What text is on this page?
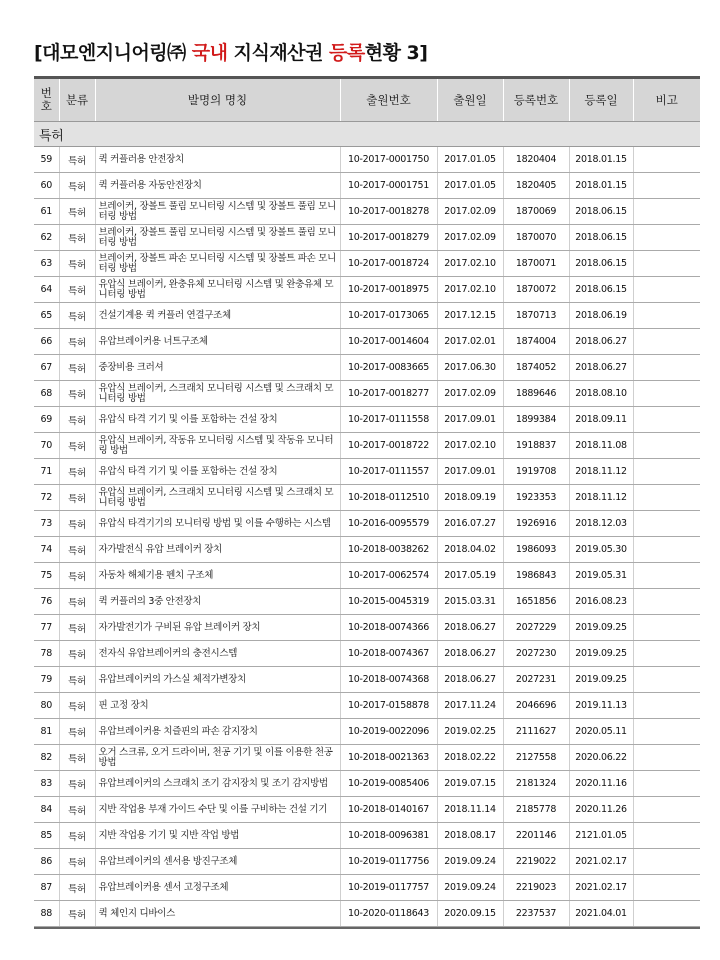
[대모엔지니어링㈜ 국내 지식재산권 등록현황 3]
번
호	분류	발명의 명칭	출원번호	출원일	등록번호	등록일	비고
특허							
59	특허	퀵 커플러용 안전장치	10-2017-0001750	2017.01.05	1820404	2018.01.15	
60	특허	퀵 커플러용 자동안전장치	10-2017-0001751	2017.01.05	1820405	2018.01.15	
61	특허	브레이커, 장볼트 풀림 모니터링 시스템 및 장볼트 풀림 모니터링 방법	10-2017-0018278	2017.02.09	1870069	2018.06.15	
62	특허	브레이커, 장볼트 풀림 모니터링 시스템 및 장볼트 풀림 모니터링 방법	10-2017-0018279	2017.02.09	1870070	2018.06.15	
63	특허	브레이커, 장볼트 파손 모니터링 시스템 및 장볼트 파손 모니터링 방법	10-2017-0018724	2017.02.10	1870071	2018.06.15	
64	특허	유압식 브레이커, 완충유체 모니터링 시스템 및 완충유체 모니터링 방법	10-2017-0018975	2017.02.10	1870072	2018.06.15	
65	특허	건설기계용 퀵 커플러 연결구조체	10-2017-0173065	2017.12.15	1870713	2018.06.19	
66	특허	유압브레이커용 너트구조체	10-2017-0014604	2017.02.01	1874004	2018.06.27	
67	특허	중장비용 크러셔	10-2017-0083665	2017.06.30	1874052	2018.06.27	
68	특허	유압식 브레이커, 스크래치 모니터링 시스템 및 스크래치 모니터링 방법	10-2017-0018277	2017.02.09	1889646	2018.08.10	
69	특허	유압식 타격 기기 및 이를 포함하는 건설 장치	10-2017-0111558	2017.09.01	1899384	2018.09.11	
70	특허	유압식 브레이커, 작동유 모니터링 시스템 및 작동유 모니터링 방법	10-2017-0018722	2017.02.10	1918837	2018.11.08	
71	특허	유압식 타격 기기 및 이를 포함하는 건설 장치	10-2017-0111557	2017.09.01	1919708	2018.11.12	
72	특허	유압식 브레이커, 스크래치 모니터링 시스템 및 스크래치 모니터링 방법	10-2018-0112510	2018.09.19	1923353	2018.11.12	
73	특허	유압식 타격기기의 모니터링 방법 및 이를 수행하는 시스템	10-2016-0095579	2016.07.27	1926916	2018.12.03	
74	특허	자가발전식 유압 브레이커 장치	10-2018-0038262	2018.04.02	1986093	2019.05.30	
75	특허	자동차 해체기용 펜치 구조체	10-2017-0062574	2017.05.19	1986843	2019.05.31	
76	특허	퀵 커플러의 3중 안전장치	10-2015-0045319	2015.03.31	1651856	2016.08.23	
77	특허	자가발전기가 구비된 유압 브레이커 장치	10-2018-0074366	2018.06.27	2027229	2019.09.25	
78	특허	전자식 유압브레이커의 충전시스템	10-2018-0074367	2018.06.27	2027230	2019.09.25	
79	특허	유압브레이커의 가스실 체적가변장치	10-2018-0074368	2018.06.27	2027231	2019.09.25	
80	특허	핀 고정 장치	10-2017-0158878	2017.11.24	2046696	2019.11.13	
81	특허	유압브레이커용 치즐핀의 파손 감지장치	10-2019-0022096	2019.02.25	2111627	2020.05.11	
82	특허	오거 스크류, 오거 드라이버, 천공 기기 및 이를 이용한 천공 방법	10-2018-0021363	2018.02.22	2127558	2020.06.22	
83	특허	유압브레이커의 스크래치 조기 감지장치 및 조기 감지방법	10-2019-0085406	2019.07.15	2181324	2020.11.16	
84	특허	지반 작업용 부재 가이드 수단 및 이를 구비하는 건설 기기	10-2018-0140167	2018.11.14	2185778	2020.11.26	
85	특허	지반 작업용 기기 및 지반 작업 방법	10-2018-0096381	2018.08.17	2201146	2121.01.05	
86	특허	유압브레이커의 센서용 방진구조체	10-2019-0117756	2019.09.24	2219022	2021.02.17	
87	특허	유압브레이커용 센서 고정구조체	10-2019-0117757	2019.09.24	2219023	2021.02.17	
88	특허	퀵 체인지 디바이스	10-2020-0118643	2020.09.15	2237537	2021.04.01	
